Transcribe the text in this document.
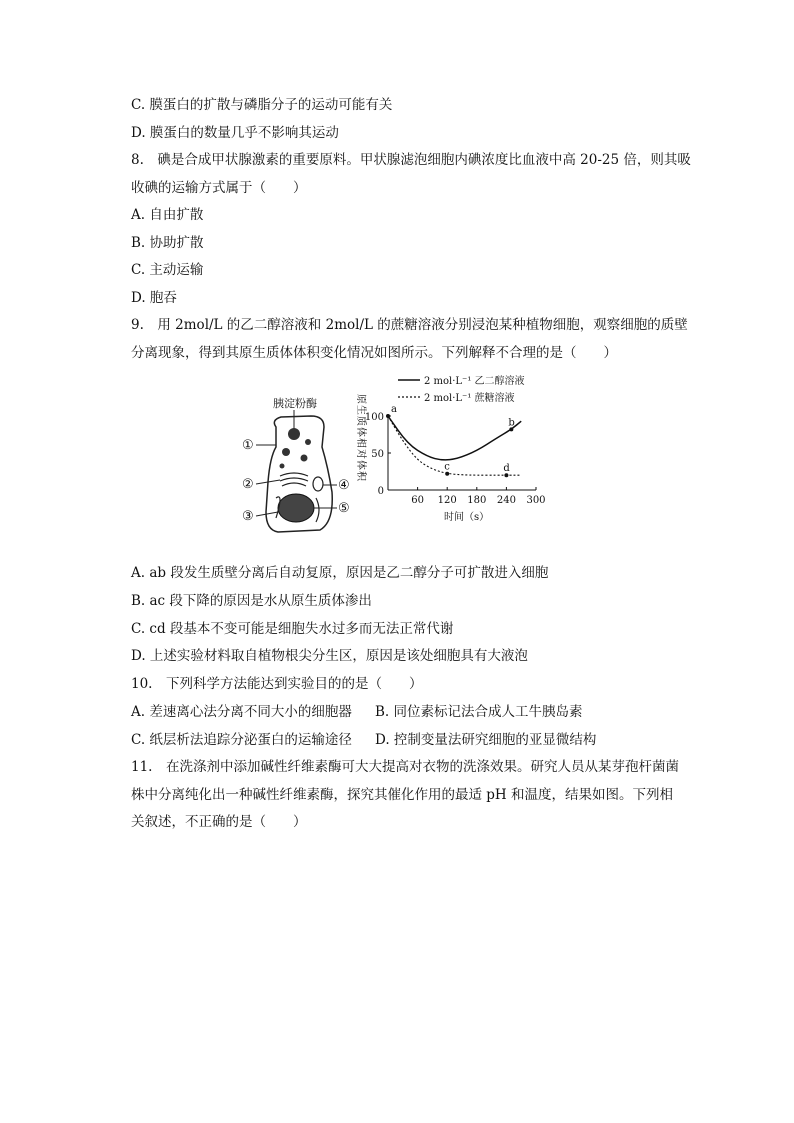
C. 膜蛋白的扩散与磷脂分子的运动可能有关
D. 膜蛋白的数量几乎不影响其运动
8.　碘是合成甲状腺激素的重要原料。甲状腺滤泡细胞内碘浓度比血液中高 20-25 倍，则其吸
收碘的运输方式属于（　　）
A. 自由扩散
B. 协助扩散
C. 主动运输
D. 胞吞
9.　用 2mol/L 的乙二醇溶液和 2mol/L 的蔗糖溶液分别浸泡某种植物细胞，观察细胞的质壁
分离现象，得到其原生质体体积变化情况如图所示。下列解释不合理的是（　　）
胰淀粉酶
①
②
③
④
⑤
2 mol·L⁻¹ 乙二醇溶液
2 mol·L⁻¹ 蔗糖溶液
原生质体相对体积
0
50
100
60 120 180 240 300
a
b
c	d
时间（s）
A. ab 段发生质壁分离后自动复原，原因是乙二醇分子可扩散进入细胞
B. ac 段下降的原因是水从原生质体渗出
C. cd 段基本不变可能是细胞失水过多而无法正常代谢
D. 上述实验材料取自植物根尖分生区，原因是该处细胞具有大液泡
10.　下列科学方法能达到实验目的的是（　　）
A. 差速离心法分离不同大小的细胞器 B. 同位素标记法合成人工牛胰岛素
C. 纸层析法追踪分泌蛋白的运输途径 D. 控制变量法研究细胞的亚显微结构
11.　在洗涤剂中添加碱性纤维素酶可大大提高对衣物的洗涤效果。研究人员从某芽孢杆菌菌
株中分离纯化出一种碱性纤维素酶，探究其催化作用的最适 pH 和温度，结果如图。下列相
关叙述，不正确的是（　　）
